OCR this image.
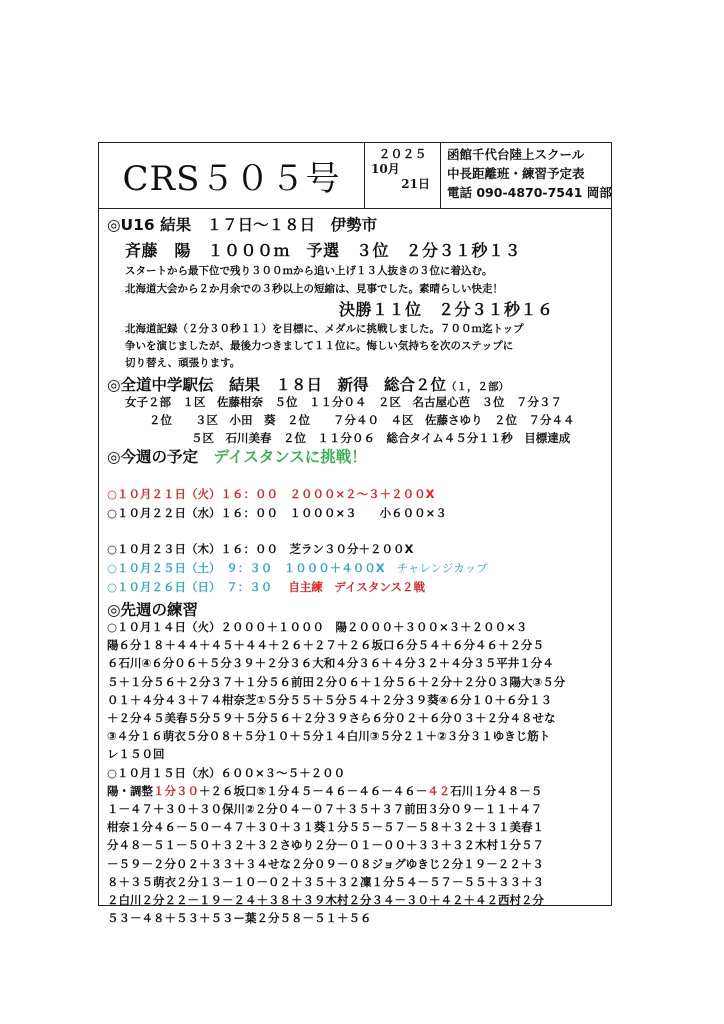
CRS５０５号
２０２５
10月
21日
函館千代台陸上スクール
中長距離班・練習予定表
電話 090-4870-7541 岡部
◎U16 結果　１７日～１８日　伊勢市
斉藤　陽　１０００ｍ　予選　３位　２分３１秒１３
スタートから最下位で残り３００ｍから追い上げ１３人抜きの３位に着込む。
北海道大会から２か月余での３秒以上の短縮は、見事でした。素晴らしい快走！
決勝１１位　２分３１秒１６
北海道記録（２分３０秒１１）を目標に、メダルに挑戦しました。７００ｍ迄トップ
争いを演じましたが、最後力つきまして１１位に。悔しい気持ちを次のステップに
切り替え、頑張ります。
◎全道中学駅伝　結果　１８日　新得　総合２位（１，２部）
女子２部　１区　佐藤柑奈　５位　１１分０４　２区　名古屋心芭　３位　７分３７
２位　　３区　小田　葵　２位　　７分４０　４区　佐藤さゆり　２位　７分４４
５区　石川美春　２位　１１分０６　総合タイム４５分１１秒　目標達成
◎今週の予定 デイスタンスに挑戦！
○１０月２１日（火）１６：００　２０００×２～３＋２００X
○１０月２２日（水）１６：００　１０００×３　　小６００×３
○１０月２３日（木）１６：００　芝ラン３０分＋２００X
○１０月２５日（土）　９：３０　１０００＋４００X チャレンジカップ
○１０月２６日（日）　７：３０ 自主練　デイスタンス２戦
◎先週の練習
○１０月１４日（火）２０００＋１０００　陽２０００＋３００×３＋２００×３
陽６分１８＋４４＋４５＋４４＋２６＋２７＋２６坂口６分５４＋６分４６＋２分５
６石川④６分０６＋５分３９＋２分３６大和４分３６＋４分３２＋４分３５平井１分４
５＋１分５６＋２分３７＋１分５６前田２分０６＋１分５６＋２分＋２分０３陽大③５分
０１＋４分４３＋７４柑奈芝①５分５５＋５分５４＋２分３９葵④６分１０＋６分１３
＋２分４５美春５分５９＋５分５６＋２分３９さら６分０２＋６分０３＋２分４８せな
③４分１６萌衣５分０８＋５分１０＋５分１４白川③５分２１＋②３分３１ゆきじ筋ト
レ１５０回
○１０月１５日（水）６００×３～５＋２００
陽・調整１分３０＋２６坂口⑤１分４５－４６－４６－４６－４２石川１分４８－５
１－４７＋３０＋３０保川②２分０４－０７＋３５＋３７前田３分０９－１１＋４７
柑奈１分４６－５０－４７＋３０＋３１葵１分５５－５７－５８＋３２＋３１美春１
分４８－５１－５０＋３２＋３２さゆり２分－０１－００＋３３＋３２木村１分５７
－５９－２分０２＋３３＋３４せな２分０９－０８ジョグゆきじ２分１９－２２＋３
８＋３５萌衣２分１３－１０－０２＋３５＋３２凜１分５４－５７－５５＋３３＋３
２白川２分２２－１９－２４＋３８＋３９木村２分３４－３０＋４２＋４２西村２分
５３－４８＋５３＋５３ー葉２分５８－５１＋５６
